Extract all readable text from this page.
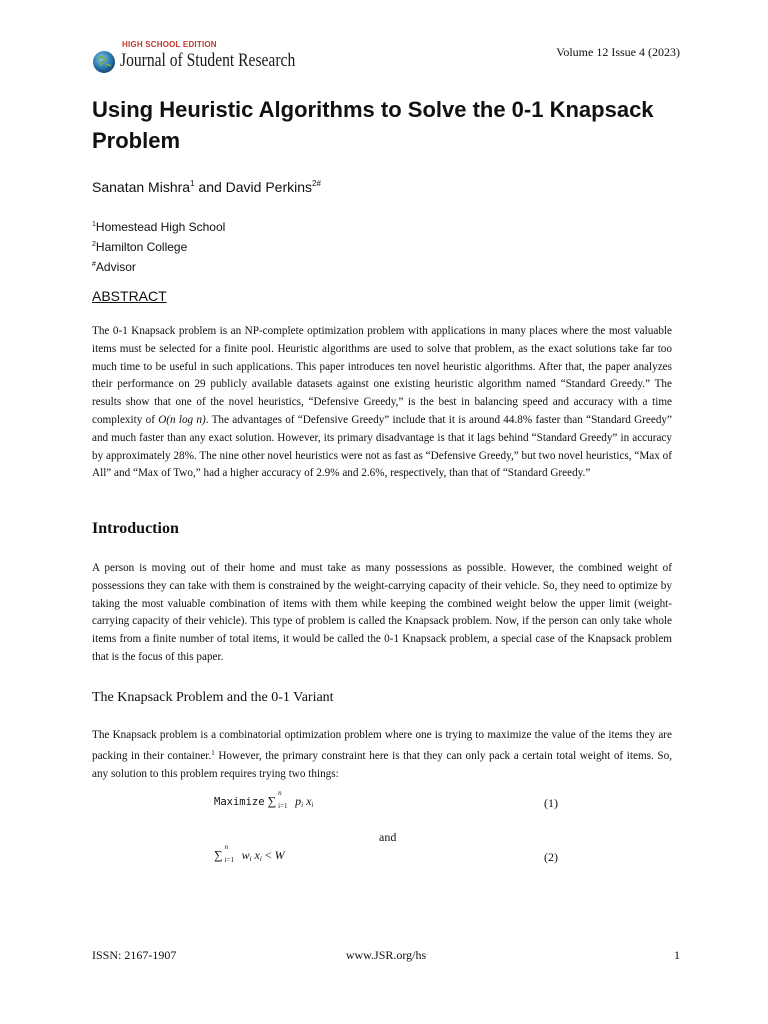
HIGH SCHOOL EDITION
Journal of Student Research	Volume 12 Issue 4 (2023)
Using Heuristic Algorithms to Solve the 0-1 Knapsack Problem
Sanatan Mishra$^1$ and David Perkins$^{2\#}$
$^1$Homestead High School
$^2$Hamilton College
#Advisor
ABSTRACT
The 0-1 Knapsack problem is an NP-complete optimization problem with applications in many places where the most valuable items must be selected for a finite pool. Heuristic algorithms are used to solve that problem, as the exact solutions take far too much time to be useful in such applications. This paper introduces ten novel heuristic algorithms. After that, the paper analyzes their performance on 29 publicly available datasets against one existing heuristic algorithm named “Standard Greedy.” The results show that one of the novel heuristics, “Defensive Greedy,” is the best in balancing speed and accuracy with a time complexity of O(n log n). The advantages of “Defensive Greedy” include that it is around 44.8% faster than “Standard Greedy” and much faster than any exact solution. However, its primary disadvantage is that it lags behind “Standard Greedy” in accuracy by approximately 28%. The nine other novel heuristics were not as fast as “Defensive Greedy,” but two novel heuristics, “Max of All” and “Max of Two,” had a higher accuracy of 2.9% and 2.6%, respectively, than that of “Standard Greedy.”
Introduction
A person is moving out of their home and must take as many possessions as possible. However, the combined weight of possessions they can take with them is constrained by the weight-carrying capacity of their vehicle. So, they need to optimize by taking the most valuable combination of items with them while keeping the combined weight below the upper limit (weight-carrying capacity of their vehicle). This type of problem is called the Knapsack problem. Now, if the person can only take whole items from a finite number of total items, it would be called the 0-1 Knapsack problem, a special case of the Knapsack problem that is the focus of this paper.
The Knapsack Problem and the 0-1 Variant
The Knapsack problem is a combinatorial optimization problem where one is trying to maximize the value of the items they are packing in their container.$^1$ However, the primary constraint here is that they can only pack a certain total weight of items. So, any solution to this problem requires trying two things:
Maximize ∑
n
i=1 $p_i$ $x_i$	(1)
and
∑
n
i=1 $w_i$ $x_i < W$	(2)
ISSN: 2167-1907	www.JSR.org/hs	1
